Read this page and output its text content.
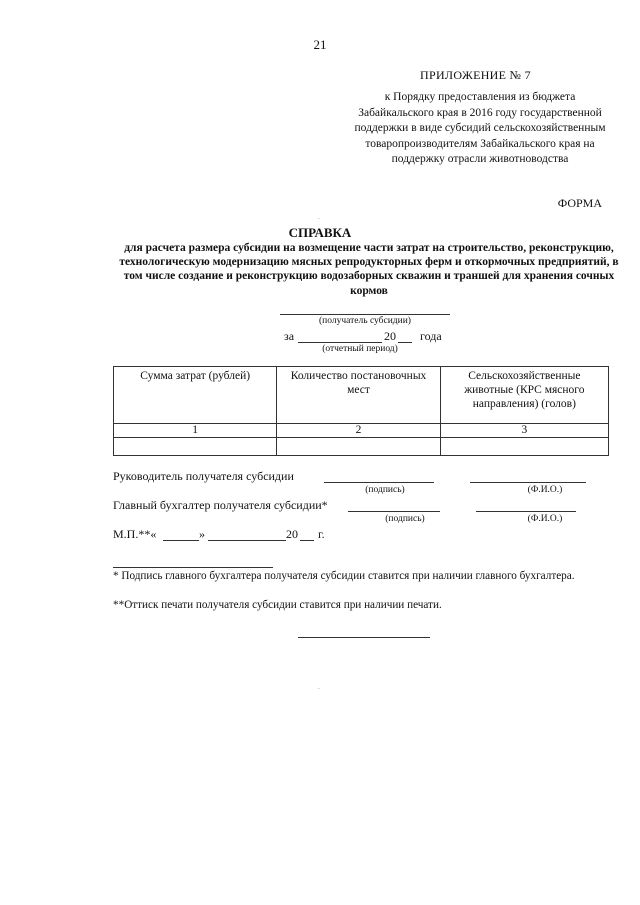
21
ПРИЛОЖЕНИЕ № 7
к Порядку предоставления из бюджета Забайкальского края в 2016 году государственной поддержки в виде субсидий сельскохозяйственным товаропроизводителям Забайкальского края на поддержку отрасли животноводства
ФОРМА
.
СПРАВКА
для расчета размера субсидии на возмещение части затрат на строительство, реконструкцию, технологическую модернизацию мясных репродукторных ферм и откормочных предприятий, в том числе создание и реконструкцию водозаборных скважин и траншей для хранения сочных кормов
(получатель субсидии)
за	20 года
(отчетный период)
Сумма затрат (рублей)	Количество постановочных мест	Сельскохозяйственные животные (КРС мясного направления) (голов)
1	2	3

Руководитель получателя субсидии
(подпись)	(Ф.И.О.)
Главный бухгалтер получателя субсидии*
(подпись)	(Ф.И.О.)
М.П.**«	»	20 г.
* Подпись главного бухгалтера получателя субсидии ставится при наличии главного бухгалтера.
**Оттиск печати получателя субсидии ставится при наличии печати.
.
